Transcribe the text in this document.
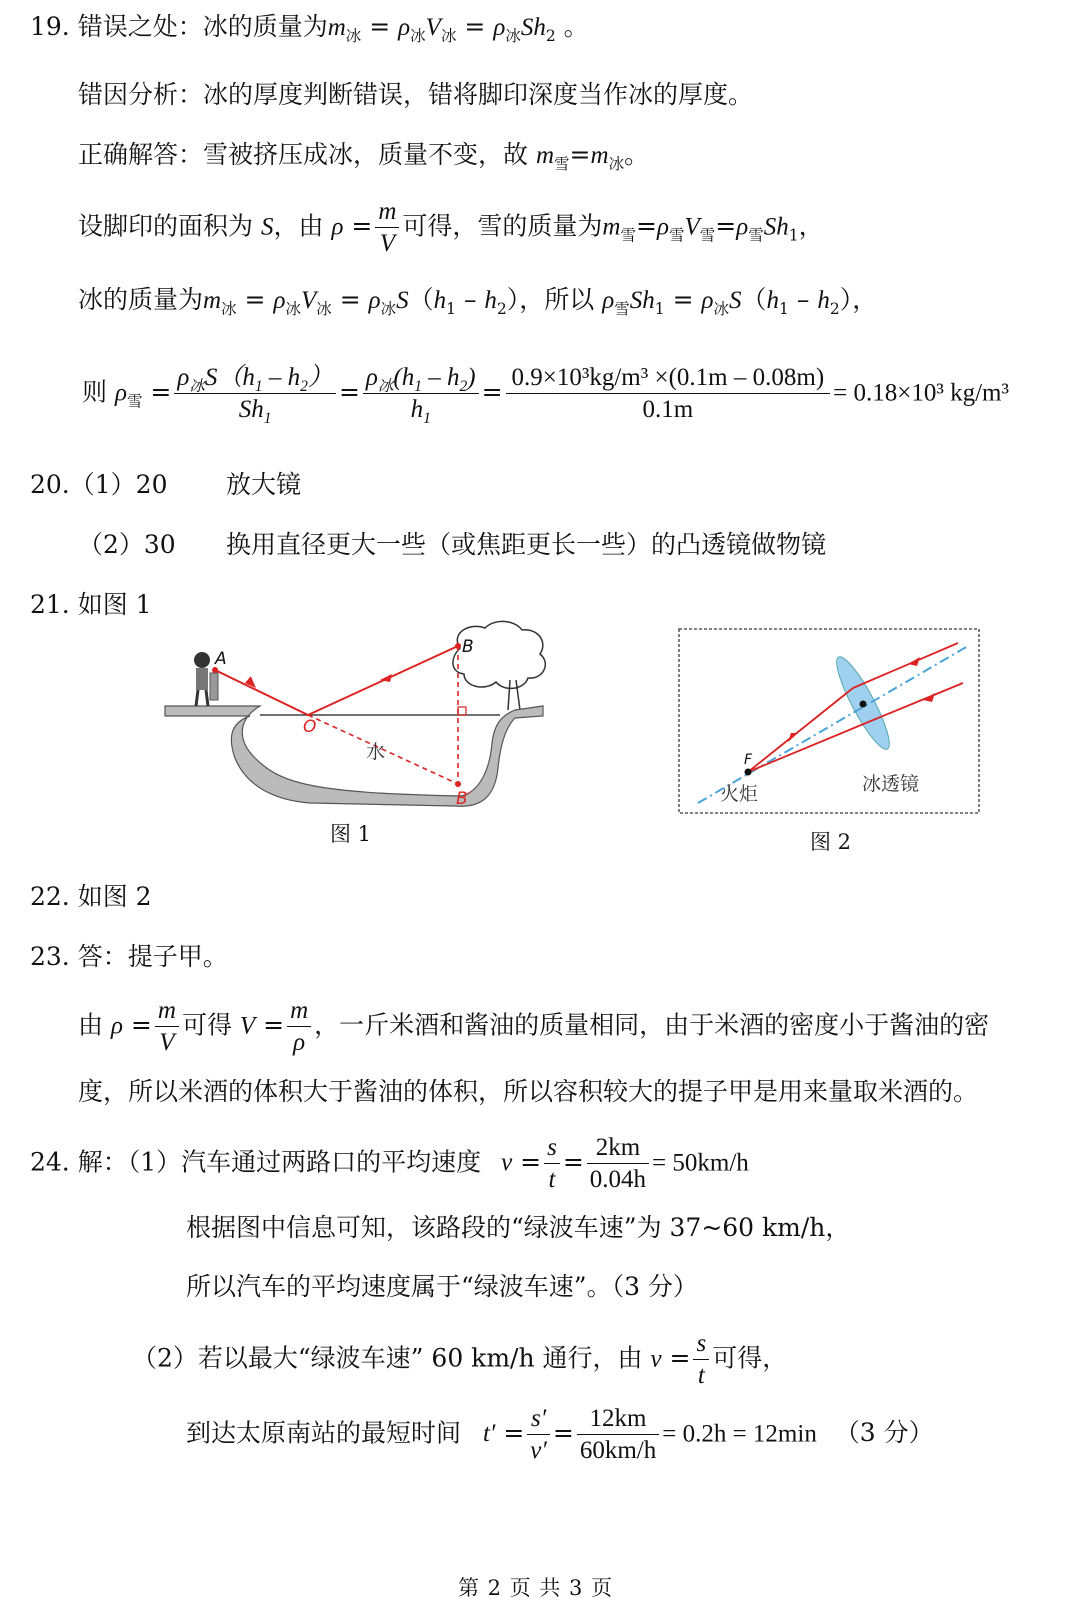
19. 错误之处：冰的质量为$m_冰 = \rho_冰V_冰 = \rho_冰Sh_2$ 。
错因分析：冰的厚度判断错误，错将脚印深度当作冰的厚度。
正确解答：雪被挤压成冰，质量不变，故 $m_雪=m_冰$。
设脚印的面积为 S，由 $\rho = \frac{m}{V}$ 可得，雪的质量为$m_雪=\rho_雪V_雪=\rho_雪Sh_1$，
冰的质量为$m_冰 = \rho_冰V_冰 = \rho_冰S(h_1 - h_2)$，所以 $\rho_雪Sh_1 = \rho_冰S(h_1 - h_2)$，
则 $\rho_雪 = \frac{\rho_冰S(h_1 - h_2)}{Sh_1} = \frac{\rho_冰(h_1 - h_2)}{h_1} = \frac{\text{0.9×10³kg/m³ ×(0.1m – 0.08m)}}{0.1m} = 0.18\times 10^3$ kg/m³
20.（1）20 放大镜
（2）30 换用直径更大一些（或焦距更长一些）的凸透镜做物镜
21. 如图 1
A
B
B′
O
水
图 1
F
火炬	冰透镜
图 2
22. 如图 2
23. 答：提子甲。
由 $\rho = \frac{m}{V}$ 可得 $V = \frac{m}{\rho}$ ，一斤米酒和酱油的质量相同，由于米酒的密度小于酱油的密
度，所以米酒的体积大于酱油的体积，所以容积较大的提子甲是用来量取米酒的。
24. 解：（1）汽车通过两路口的平均速度 $v = \frac{s}{t} = \frac{2km}{0.04h} = 50km/h$
根据图中信息可知，该路段的“绿波车速”为 37~60 km/h，
所以汽车的平均速度属于“绿波车速”。（3 分）
（2）若以最大“绿波车速” 60 km/h 通行，由 $v = \frac{s}{t}$ 可得，
到达太原南站的最短时间 $t' = \frac{s'}{v'} = \frac{12km}{60km/h} = 0.2h = 12\min$ （3 分）
第 2 页 共 3 页
